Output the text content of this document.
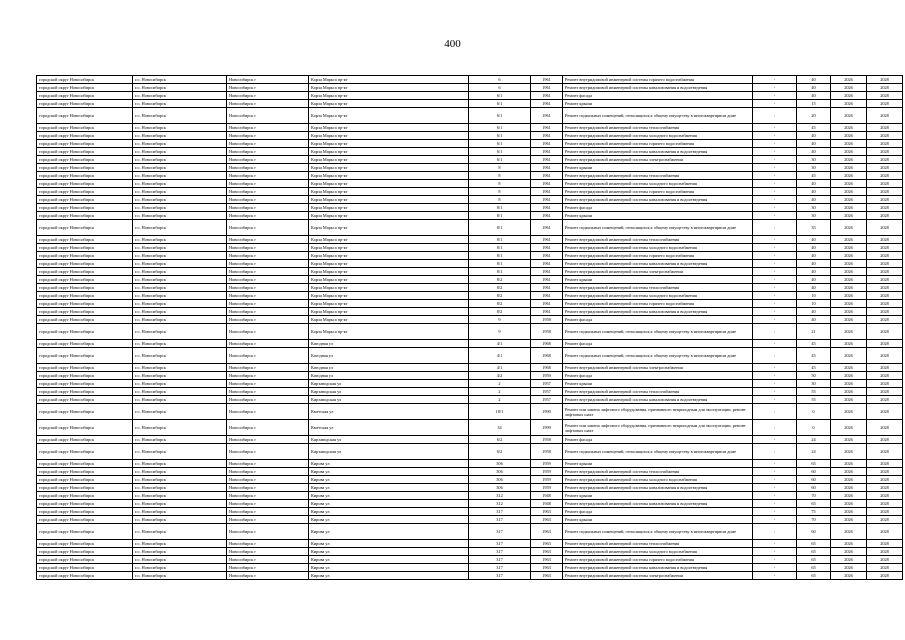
400
городской округ Новосибирск	г.о. Новосибирск	Новосибирск г	Карла Маркса пр-кт	6	1961	Ремонт внутридомовой инженерной системы горячего водоснабжения	-	40	2026	2028
городской округ Новосибирск	г.о. Новосибирск	Новосибирск г	Карла Маркса пр-кт	6	1961	Ремонт внутридомовой инженерной системы канализования и водоотведения	-	40	2026	2028
городской округ Новосибирск	г.о. Новосибирск	Новосибирск г	Карла Маркса пр-кт	6/1	1961	Ремонт фасада	-	40	2026	2028
городской округ Новосибирск	г.о. Новосибирск	Новосибирск г	Карла Маркса пр-кт	6/1	1961	Ремонт крыши	-	15	2026	2028
городской округ Новосибирск	г.о. Новосибирск	Новосибирск г	Карла Маркса пр-кт	6/1	1961	Ремонт подвальных помещений, относящихся к общему имуществу в многоквартирном доме	-	20	2026	2028
городской округ Новосибирск	г.о. Новосибирск	Новосибирск г	Карла Маркса пр-кт	6/1	1961	Ремонт внутридомовой инженерной системы теплоснабжения	-	45	2026	2028
городской округ Новосибирск	г.о. Новосибирск	Новосибирск г	Карла Маркса пр-кт	6/1	1961	Ремонт внутридомовой инженерной системы холодного водоснабжения	-	40	2026	2028
городской округ Новосибирск	г.о. Новосибирск	Новосибирск г	Карла Маркса пр-кт	6/1	1961	Ремонт внутридомовой инженерной системы горячего водоснабжения	-	40	2026	2028
городской округ Новосибирск	г.о. Новосибирск	Новосибирск г	Карла Маркса пр-кт	6/1	1961	Ремонт внутридомовой инженерной системы канализования и водоотведения	-	40	2026	2028
городской округ Новосибирск	г.о. Новосибирск	Новосибирск г	Карла Маркса пр-кт	6/1	1961	Ремонт внутридомовой инженерной системы электроснабжения	-	30	2026	2028
городской округ Новосибирск	г.о. Новосибирск	Новосибирск г	Карла Маркса пр-кт	8	1961	Ремонт крыши	-	30	2026	2028
городской округ Новосибирск	г.о. Новосибирск	Новосибирск г	Карла Маркса пр-кт	8	1961	Ремонт внутридомовой инженерной системы теплоснабжения	-	45	2026	2028
городской округ Новосибирск	г.о. Новосибирск	Новосибирск г	Карла Маркса пр-кт	8	1961	Ремонт внутридомовой инженерной системы холодного водоснабжения	-	40	2026	2028
городской округ Новосибирск	г.о. Новосибирск	Новосибирск г	Карла Маркса пр-кт	8	1961	Ремонт внутридомовой инженерной системы горячего водоснабжения	-	40	2026	2028
городской округ Новосибирск	г.о. Новосибирск	Новосибирск г	Карла Маркса пр-кт	8	1961	Ремонт внутридомовой инженерной системы канализования и водоотведения	-	40	2026	2028
городской округ Новосибирск	г.о. Новосибирск	Новосибирск г	Карла Маркса пр-кт	8/1	1961	Ремонт фасада	-	30	2026	2028
городской округ Новосибирск	г.о. Новосибирск	Новосибирск г	Карла Маркса пр-кт	8/1	1961	Ремонт крыши	-	30	2026	2028
городской округ Новосибирск	г.о. Новосибирск	Новосибирск г	Карла Маркса пр-кт	8/1	1961	Ремонт подвальных помещений, относящихся к общему имуществу в многоквартирном доме	-	35	2026	2028
городской округ Новосибирск	г.о. Новосибирск	Новосибирск г	Карла Маркса пр-кт	8/1	1961	Ремонт внутридомовой инженерной системы теплоснабжения	-	40	2026	2028
городской округ Новосибирск	г.о. Новосибирск	Новосибирск г	Карла Маркса пр-кт	8/1	1961	Ремонт внутридомовой инженерной системы холодного водоснабжения	-	40	2026	2028
городской округ Новосибирск	г.о. Новосибирск	Новосибирск г	Карла Маркса пр-кт	8/1	1961	Ремонт внутридомовой инженерной системы горячего водоснабжения	-	40	2026	2028
городской округ Новосибирск	г.о. Новосибирск	Новосибирск г	Карла Маркса пр-кт	8/1	1961	Ремонт внутридомовой инженерной системы канализования и водоотведения	-	40	2026	2028
городской округ Новосибирск	г.о. Новосибирск	Новосибирск г	Карла Маркса пр-кт	8/1	1961	Ремонт внутридомовой инженерной системы электроснабжения	-	40	2026	2028
городской округ Новосибирск	г.о. Новосибирск	Новосибирск г	Карла Маркса пр-кт	8/2	1961	Ремонт крыши	-	40	2026	2028
городской округ Новосибирск	г.о. Новосибирск	Новосибирск г	Карла Маркса пр-кт	8/2	1961	Ремонт внутридомовой инженерной системы теплоснабжения	-	40	2026	2028
городской округ Новосибирск	г.о. Новосибирск	Новосибирск г	Карла Маркса пр-кт	8/2	1961	Ремонт внутридомовой инженерной системы холодного водоснабжения	-	10	2026	2028
городской округ Новосибирск	г.о. Новосибирск	Новосибирск г	Карла Маркса пр-кт	8/2	1961	Ремонт внутридомовой инженерной системы горячего водоснабжения	-	10	2026	2028
городской округ Новосибирск	г.о. Новосибирск	Новосибирск г	Карла Маркса пр-кт	8/2	1961	Ремонт внутридомовой инженерной системы канализования и водоотведения	-	40	2026	2028
городской округ Новосибирск	г.о. Новосибирск	Новосибирск г	Карла Маркса пр-кт	9	1958	Ремонт фасада	-	40	2026	2028
городской округ Новосибирск	г.о. Новосибирск	Новосибирск г	Карла Маркса пр-кт	9	1958	Ремонт подвальных помещений, относящихся к общему имуществу в многоквартирном доме	-	21	2026	2028
городской округ Новосибирск	г.о. Новосибирск	Новосибирск г	Катодная ул	4/1	1968	Ремонт фасада	-	45	2026	2028
городской округ Новосибирск	г.о. Новосибирск	Новосибирск г	Катодная ул	4/1	1968	Ремонт подвальных помещений, относящихся к общему имуществу в многоквартирном доме	-	45	2026	2028
городской округ Новосибирск	г.о. Новосибирск	Новосибирск г	Катодная ул	4/1	1968	Ремонт внутридомовой инженерной системы электроснабжения	-	45	2026	2028
городской округ Новосибирск	г.о. Новосибирск	Новосибирск г	Катодная ул	4/2	1959	Ремонт фасада	-	50	2026	2028
городской округ Новосибирск	г.о. Новосибирск	Новосибирск г	Кирзаводская ул	2	1957	Ремонт крыши	-	30	2026	2028
городской округ Новосибирск	г.о. Новосибирск	Новосибирск г	Кирзаводская ул	2	1957	Ремонт внутридомовой инженерной системы теплоснабжения	-	55	2026	2028
городской округ Новосибирск	г.о. Новосибирск	Новосибирск г	Кирзаводская ул	2	1957	Ремонт внутридомовой инженерной системы канализования и водоотведения	-	55	2026	2028
городской округ Новосибирск	г.о. Новосибирск	Новосибирск г	Кметская ул	18/1	1990	Ремонт или замена лифтового оборудования, признанного непригодным для эксплуатации, ремонт лифтовых шахт	-	0	2026	2028
городской округ Новосибирск	г.о. Новосибирск	Новосибирск г	Кметская ул	34	1999	Ремонт или замена лифтового оборудования, признанного непригодным для эксплуатации, ремонт лифтовых шахт	-	0	2026	2028
городской округ Новосибирск	г.о. Новосибирск	Новосибирск г	Кирзаводская ул	6/2	1958	Ремонт фасада	-	24	2026	2028
городской округ Новосибирск	г.о. Новосибирск	Новосибирск г	Кирзаводская ул	6/2	1958	Ремонт подвальных помещений, относящихся к общему имуществу в многоквартирном доме	-	24	2026	2028
городской округ Новосибирск	г.о. Новосибирск	Новосибирск г	Кирова ул	306	1959	Ремонт крыши	-	65	2026	2028
городской округ Новосибирск	г.о. Новосибирск	Новосибирск г	Кирова ул	306	1959	Ремонт внутридомовой инженерной системы теплоснабжения	-	60	2026	2028
городской округ Новосибирск	г.о. Новосибирск	Новосибирск г	Кирова ул	306	1959	Ремонт внутридомовой инженерной системы холодного водоснабжения	-	60	2026	2028
городской округ Новосибирск	г.о. Новосибирск	Новосибирск г	Кирова ул	306	1959	Ремонт внутридомовой инженерной системы канализования и водоотведения	-	60	2026	2028
городской округ Новосибирск	г.о. Новосибирск	Новосибирск г	Кирова ул	312	1948	Ремонт крыши	-	70	2026	2028
городской округ Новосибирск	г.о. Новосибирск	Новосибирск г	Кирова ул	312	1948	Ремонт внутридомовой инженерной системы канализования и водоотведения	-	65	2026	2028
городской округ Новосибирск	г.о. Новосибирск	Новосибирск г	Кирова ул	317	1963	Ремонт фасада	-	75	2026	2028
городской округ Новосибирск	г.о. Новосибирск	Новосибирск г	Кирова ул	317	1963	Ремонт крыши	-	70	2026	2028
городской округ Новосибирск	г.о. Новосибирск	Новосибирск г	Кирова ул	317	1963	Ремонт подвальных помещений, относящихся к общему имуществу в многоквартирном доме	-	60	2026	2028
городской округ Новосибирск	г.о. Новосибирск	Новосибирск г	Кирова ул	317	1963	Ремонт внутридомовой инженерной системы теплоснабжения	-	65	2026	2028
городской округ Новосибирск	г.о. Новосибирск	Новосибирск г	Кирова ул	317	1963	Ремонт внутридомовой инженерной системы холодного водоснабжения	-	65	2026	2028
городской округ Новосибирск	г.о. Новосибирск	Новосибирск г	Кирова ул	317	1963	Ремонт внутридомовой инженерной системы горячего водоснабжения	-	65	2026	2028
городской округ Новосибирск	г.о. Новосибирск	Новосибирск г	Кирова ул	317	1963	Ремонт внутридомовой инженерной системы канализования и водоотведения	-	65	2026	2028
городской округ Новосибирск	г.о. Новосибирск	Новосибирск г	Кирова ул	317	1963	Ремонт внутридомовой инженерной системы электроснабжения	-	65	2026	2028
